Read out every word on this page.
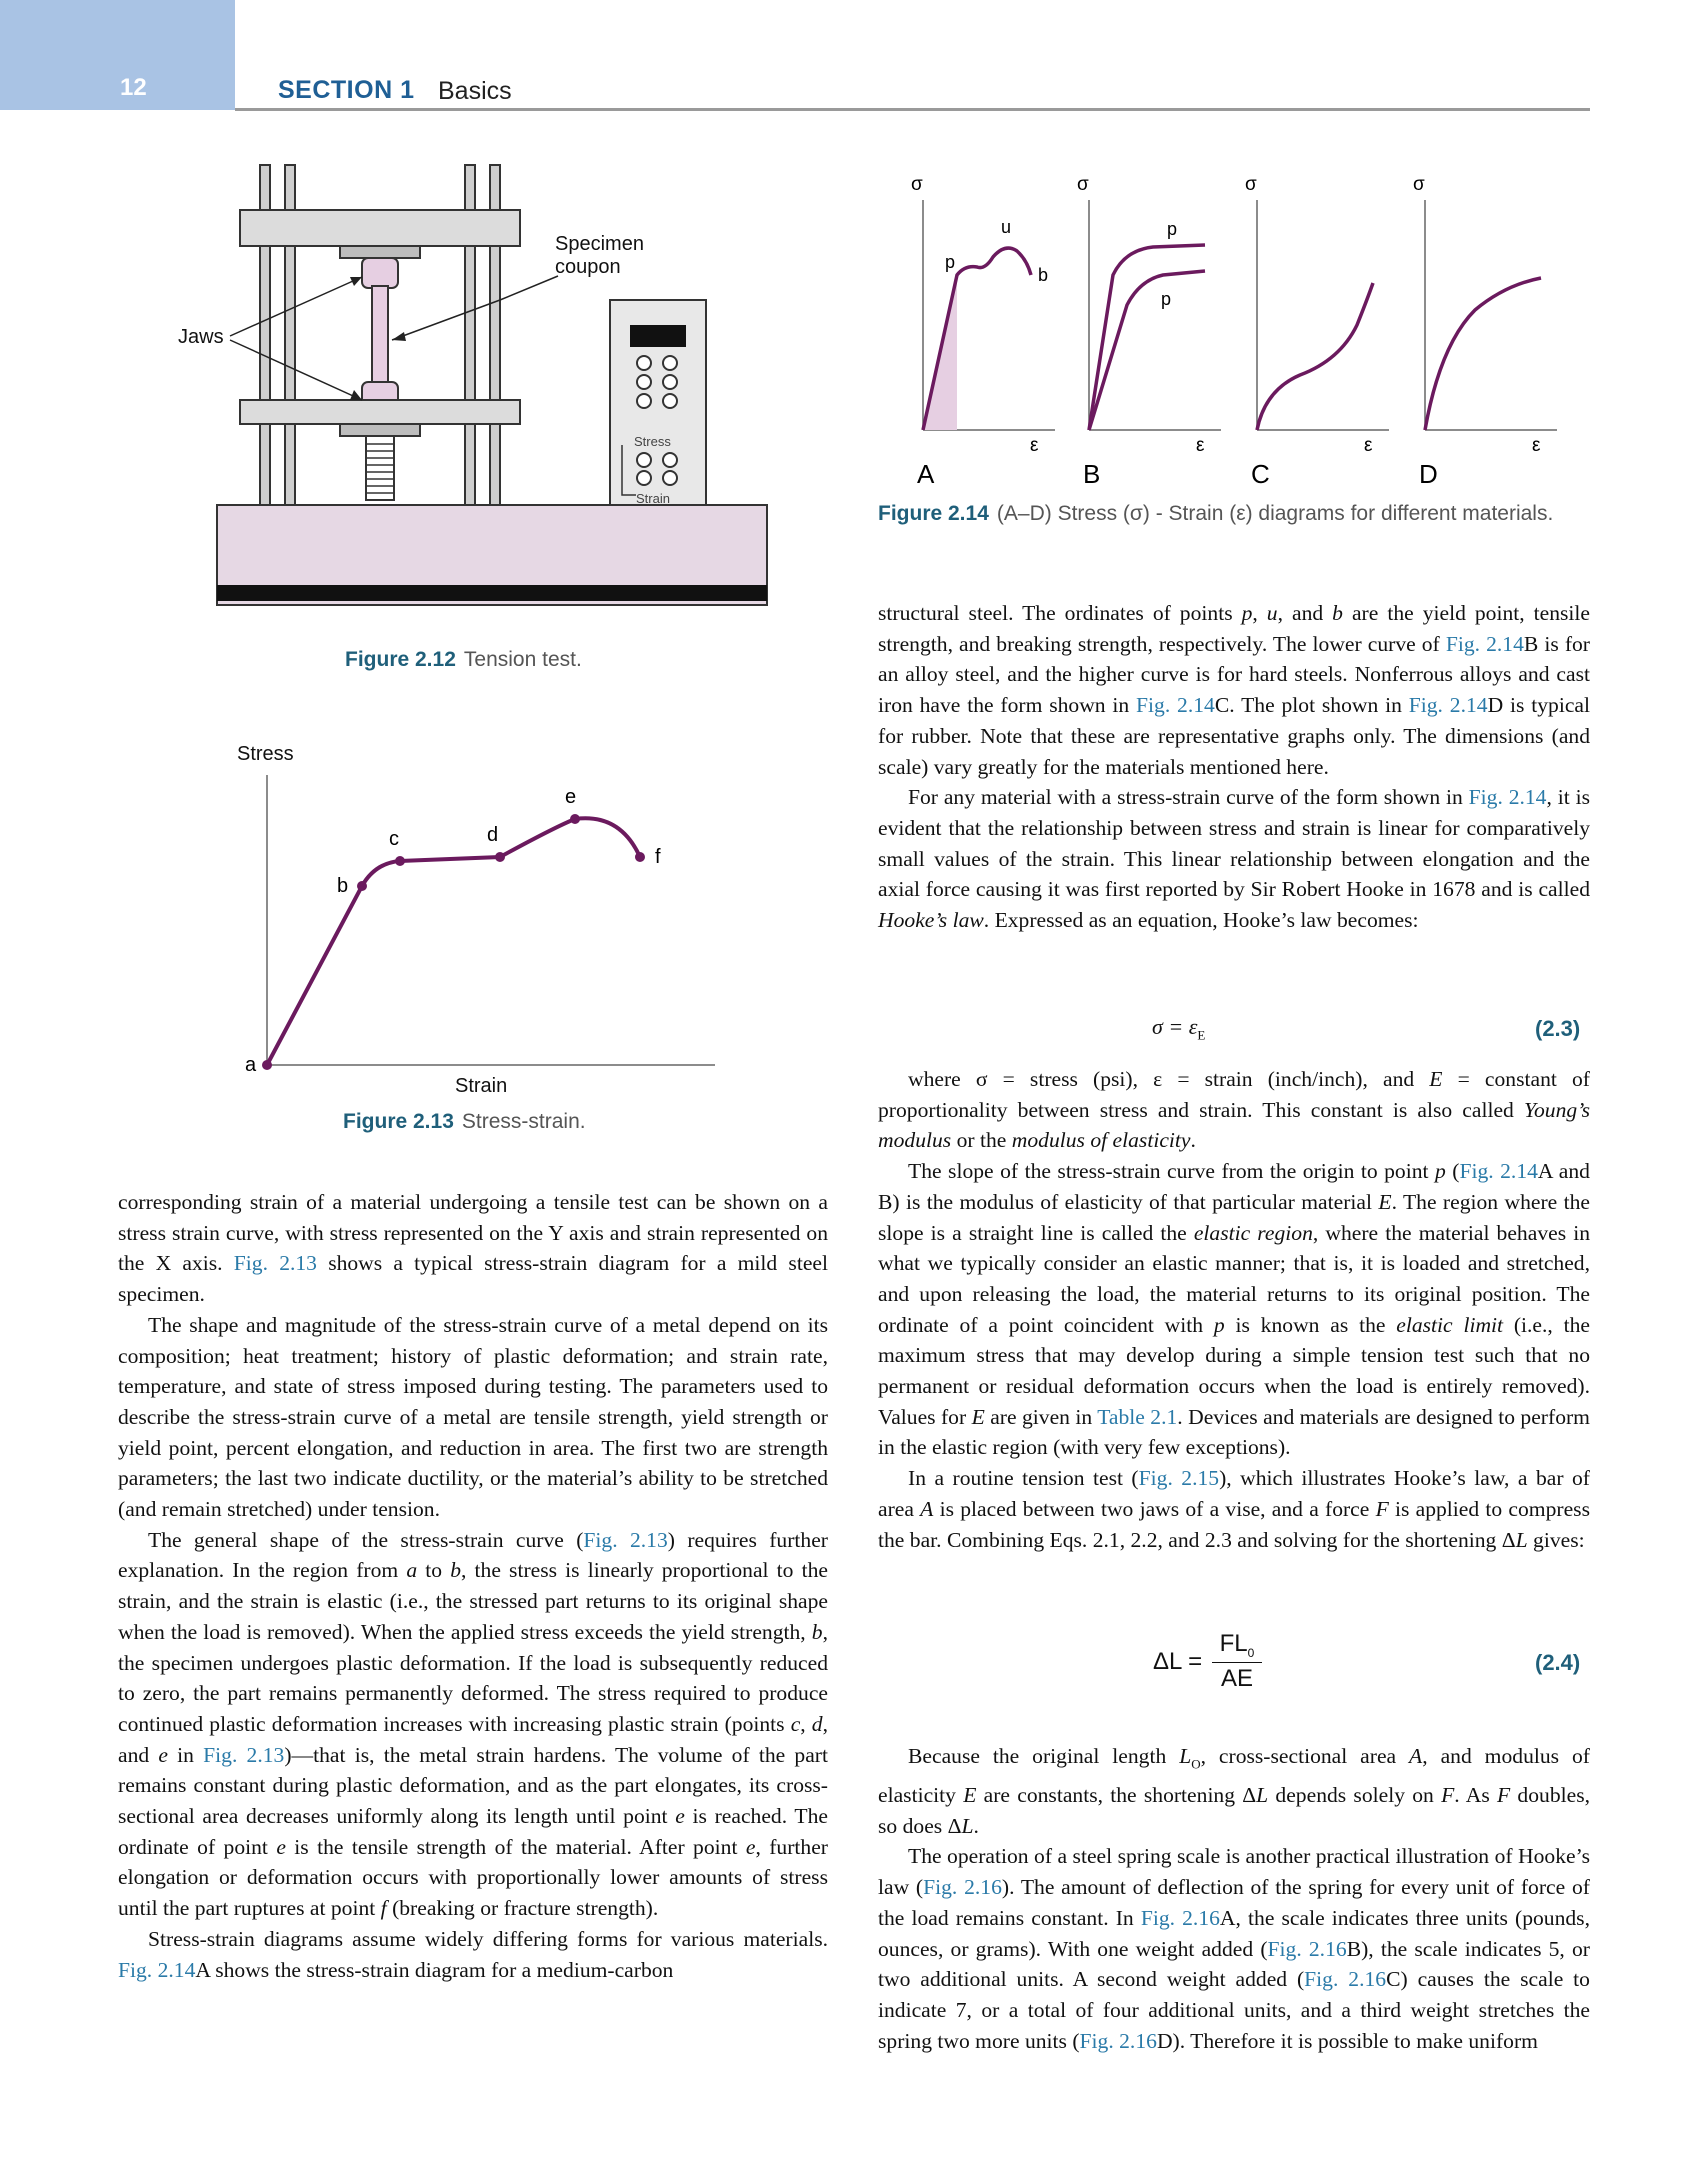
12	SECTION 1 Basics
Stress
Strain
Specimen
coupon
Jaws
Figure 2.12 Tension test.
Stress
a
b
c	d
e
f
Strain
Figure 2.13 Stress-strain.
σ
p
u
b
ε
A
σ
p
p
ε
B
σ
ε
C
σ
ε
D
Figure 2.14 (A–D) Stress (σ) - Strain (ε) diagrams for different materials.

corresponding strain of a material undergoing a tensile test can be shown on a stress strain curve, with stress represented on the Y axis and strain represented on the X axis. Fig. 2.13 shows a typical stress-strain diagram for a mild steel specimen.

The shape and magnitude of the stress-strain curve of a metal depend on its composition; heat treatment; history of plastic deformation; and strain rate, temperature, and state of stress imposed during testing. The parameters used to describe the stress-strain curve of a metal are tensile strength, yield strength or yield point, percent elongation, and reduction in area. The first two are strength parameters; the last two indicate ductility, or the material’s ability to be stretched (and remain stretched) under tension.

The general shape of the stress-strain curve (Fig. 2.13) requires further explanation. In the region from a to b, the stress is linearly proportional to the strain, and the strain is elastic (i.e., the stressed part returns to its original shape when the load is removed). When the applied stress exceeds the yield strength, b, the specimen undergoes plastic deformation. If the load is subsequently reduced to zero, the part remains permanently deformed. The stress required to produce continued plastic deformation increases with increasing plastic strain (points c, d, and e in Fig. 2.13)—that is, the metal strain hardens. The volume of the part remains constant during plastic deformation, and as the part elongates, its cross-sectional area decreases uniformly along its length until point e is reached. The ordinate of point e is the tensile strength of the material. After point e, further elongation or deformation occurs with proportionally lower amounts of stress until the part ruptures at point f (breaking or fracture strength).

Stress-strain diagrams assume widely differing forms for various materials. Fig. 2.14A shows the stress-strain diagram for a medium-carbon

structural steel. The ordinates of points p, u, and b are the yield point, tensile strength, and breaking strength, respectively. The lower curve of Fig. 2.14B is for an alloy steel, and the higher curve is for hard steels. Nonferrous alloys and cast iron have the form shown in Fig. 2.14C. The plot shown in Fig. 2.14D is typical for rubber. Note that these are representative graphs only. The dimensions (and scale) vary greatly for the materials mentioned here.

For any material with a stress-strain curve of the form shown in Fig. 2.14, it is evident that the relationship between stress and strain is linear for comparatively small values of the strain. This linear relationship between elongation and the axial force causing it was first reported by Sir Robert Hooke in 1678 and is called Hooke’s law. Expressed as an equation, Hooke’s law becomes:

$\sigma = \varepsilon_E$	(2.3)

where σ = stress (psi), ε = strain (inch/inch), and E = constant of proportionality between stress and strain. This constant is also called Young’s modulus or the modulus of elasticity.

The slope of the stress-strain curve from the origin to point p (Fig. 2.14A and B) is the modulus of elasticity of that particular material E. The region where the slope is a straight line is called the elastic region, where the material behaves in what we typically consider an elastic manner; that is, it is loaded and stretched, and upon releasing the load, the material returns to its original position. The ordinate of a point coincident with p is known as the elastic limit (i.e., the maximum stress that may develop during a simple tension test such that no permanent or residual deformation occurs when the load is entirely removed). Values for E are given in Table 2.1. Devices and materials are designed to perform in the elastic region (with very few exceptions).

In a routine tension test (Fig. 2.15), which illustrates Hooke’s law, a bar of area A is placed between two jaws of a vise, and a force F is applied to compress the bar. Combining Eqs. 2.1, 2.2, and 2.3 and solving for the shortening ΔL gives:

ΔL =
$FL_0$
AE
(2.4)

Because the original length $L_O$, cross-sectional area A, and modulus of elasticity E are constants, the shortening ΔL depends solely on F. As F doubles, so does ΔL.

The operation of a steel spring scale is another practical illustration of Hooke’s law (Fig. 2.16). The amount of deflection of the spring for every unit of force of the load remains constant. In Fig. 2.16A, the scale indicates three units (pounds, ounces, or grams). With one weight added (Fig. 2.16B), the scale indicates 5, or two additional units. A second weight added (Fig. 2.16C) causes the scale to indicate 7, or a total of four additional units, and a third weight stretches the spring two more units (Fig. 2.16D). Therefore it is possible to make uniform
